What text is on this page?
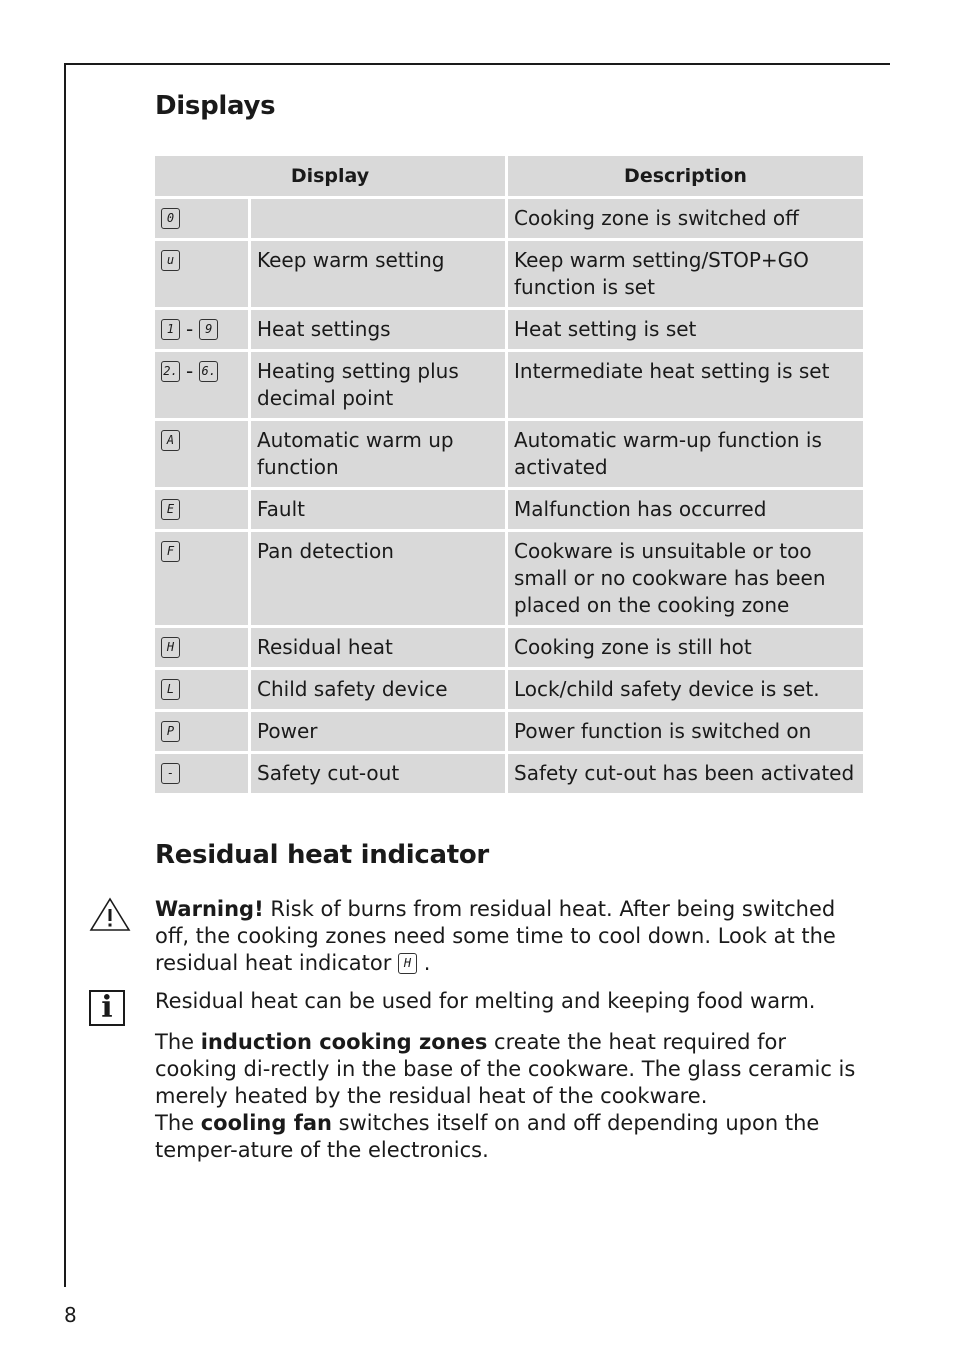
Displays
Display		Description
0		Cooking zone is switched off
u	Keep warm setting	Keep warm setting/STOP+GO function is set
1 - 9	Heat settings	Heat setting is set
2. - 6.	Heating setting plus decimal point	Intermediate heat setting is set
A	Automatic warm up function	Automatic warm-up function is activated
E	Fault	Malfunction has occurred
F	Pan detection	Cookware is unsuitable or too small or no cookware has been placed on the cooking zone
H	Residual heat	Cooking zone is still hot
L	Child safety device	Lock/child safety device is set.
P	Power	Power function is switched on
-	Safety cut-out	Safety cut-out has been activated
Residual heat indicator

Warning! Risk of burns from residual heat. After being switched off, the cooking zones need some time to cool down. Look at the residual heat indicator H .

i	Residual heat can be used for melting and keeping food warm.

The induction cooking zones create the heat required for cooking di-rectly in the base of the cookware. The glass ceramic is merely heated by the residual heat of the cookware.
The cooling fan switches itself on and off depending upon the temper-ature of the electronics.

8
